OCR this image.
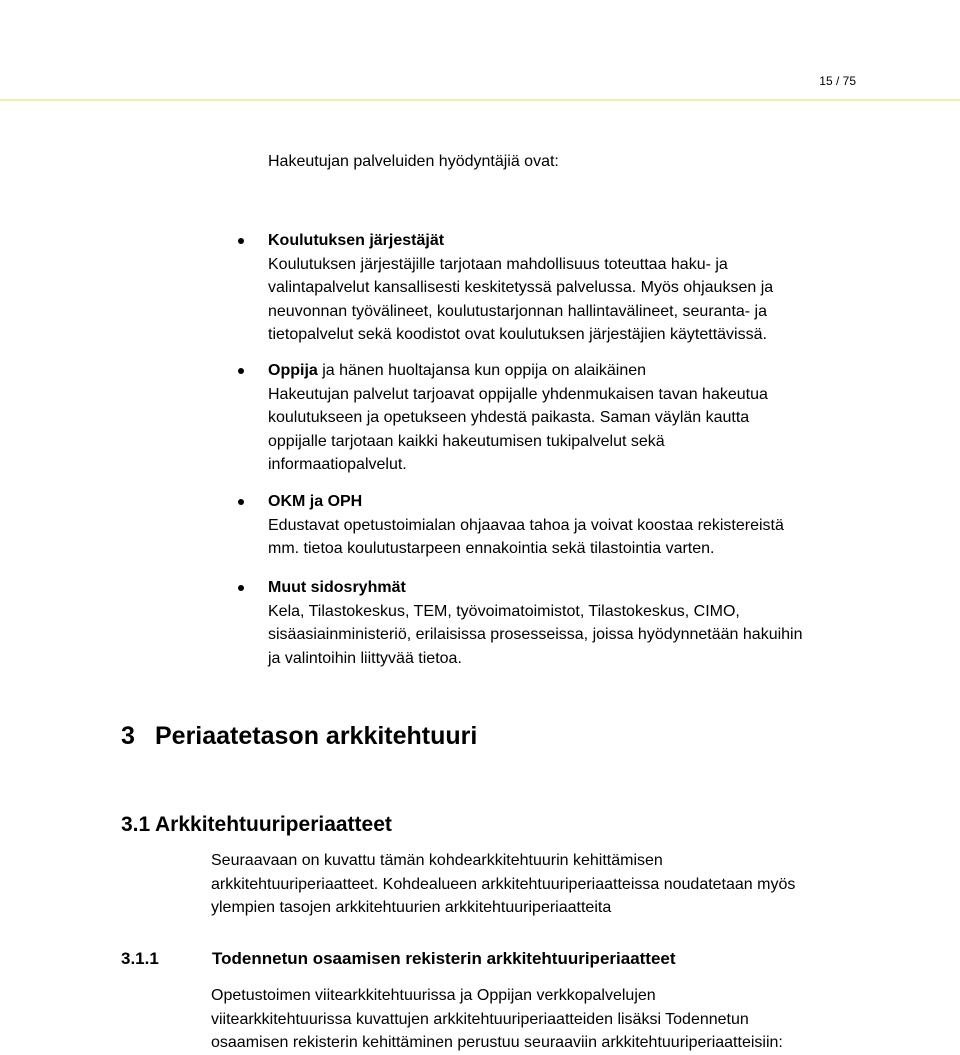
15 / 75
Hakeutujan palveluiden hyödyntäjiä ovat:
Koulutuksen järjestäjät
Koulutuksen järjestäjille tarjotaan mahdollisuus toteuttaa haku- ja
valintapalvelut kansallisesti keskitetyssä palvelussa. Myös ohjauksen ja
neuvonnan työvälineet, koulutustarjonnan hallintavälineet, seuranta- ja
tietopalvelut sekä koodistot ovat koulutuksen järjestäjien käytettävissä.
Oppija ja hänen huoltajansa kun oppija on alaikäinen
Hakeutujan palvelut tarjoavat oppijalle yhdenmukaisen tavan hakeutua
koulutukseen ja opetukseen yhdestä paikasta. Saman väylän kautta
oppijalle tarjotaan kaikki hakeutumisen tukipalvelut sekä
informaatiopalvelut.
OKM ja OPH
Edustavat opetustoimialan ohjaavaa tahoa ja voivat koostaa rekistereistä
mm. tietoa koulutustarpeen ennakointia sekä tilastointia varten.
Muut sidosryhmät
Kela, Tilastokeskus, TEM, työvoimatoimistot, Tilastokeskus, CIMO,
sisäasiainministeriö, erilaisissa prosesseissa, joissa hyödynnetään hakuihin
ja valintoihin liittyvää tietoa.
3 Periaatetason arkkitehtuuri
3.1 Arkkitehtuuriperiaatteet
Seuraavaan on kuvattu tämän kohdearkkitehtuurin kehittämisen
arkkitehtuuriperiaatteet. Kohdealueen arkkitehtuuriperiaatteissa noudatetaan myös
ylempien tasojen arkkitehtuurien arkkitehtuuriperiaatteita
3.1.1	Todennetun osaamisen rekisterin arkkitehtuuriperiaatteet
Opetustoimen viitearkkitehtuurissa ja Oppijan verkkopalvelujen
viitearkkitehtuurissa kuvattujen arkkitehtuuriperiaatteiden lisäksi Todennetun
osaamisen rekisterin kehittäminen perustuu seuraaviin arkkitehtuuriperiaatteisiin:
